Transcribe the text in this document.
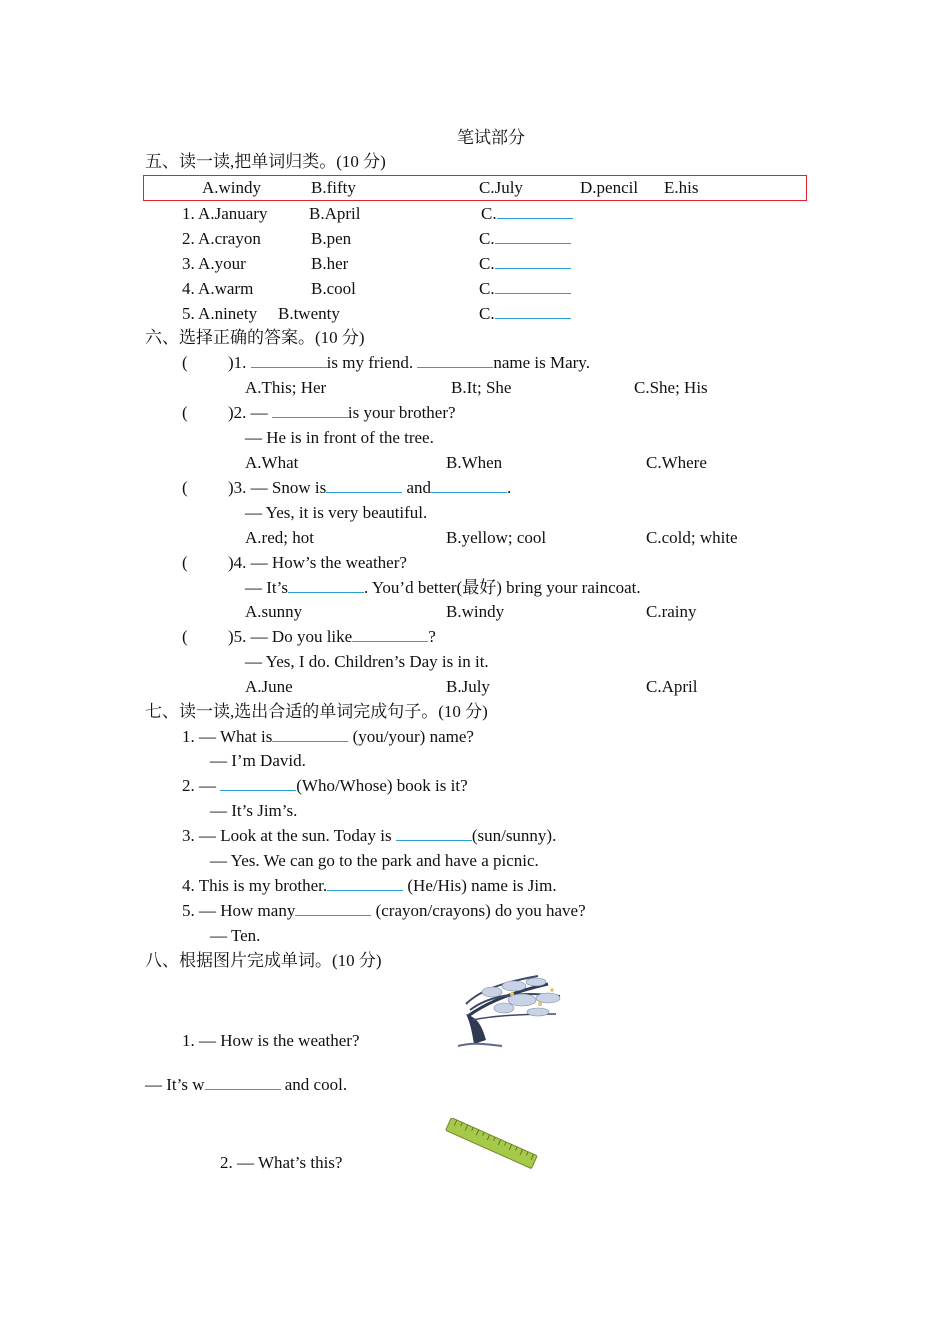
笔试部分
五、读一读,把单词归类。(10 分)
A.windy	B.fifty	C.July	D.pencil E.his
1. A.January B.April	C.
2. A.crayon	B.pen	C.
3. A.your	B.her	C.
4. A.warm	B.cool	C.
5. A.ninety B.twenty	C.
六、选择正确的答案。(10 分)
( )1.	is my friend.	name is Mary.
A.This; Her	B.It; She	C.She; His
( )2. —	is your brother?
— He is in front of the tree.
A.What	B.When	C.Where
( )3. — Snow is	and	.
— Yes, it is very beautiful.
A.red; hot	B.yellow; cool	C.cold; white
( )4. — How’s the weather?
— It’s	. You’d better(最好) bring your raincoat.
A.sunny	B.windy	C.rainy
( )5. — Do you like	?
— Yes, I do. Children’s Day is in it.
A.June	B.July	C.April
七、读一读,选出合适的单词完成句子。(10 分)
1. — What is	(you/your) name?
— I’m David.
2. —	(Who/Whose) book is it?
— It’s Jim’s.
3. — Look at the sun. Today is	(sun/sunny).
— Yes. We can go to the park and have a picnic.
4. This is my brother.	(He/His) name is Jim.
5. — How many	(crayon/crayons) do you have?
— Ten.
八、根据图片完成单词。(10 分)
1. — How is the weather?
— It’s w	and cool.
2. — What’s this?
